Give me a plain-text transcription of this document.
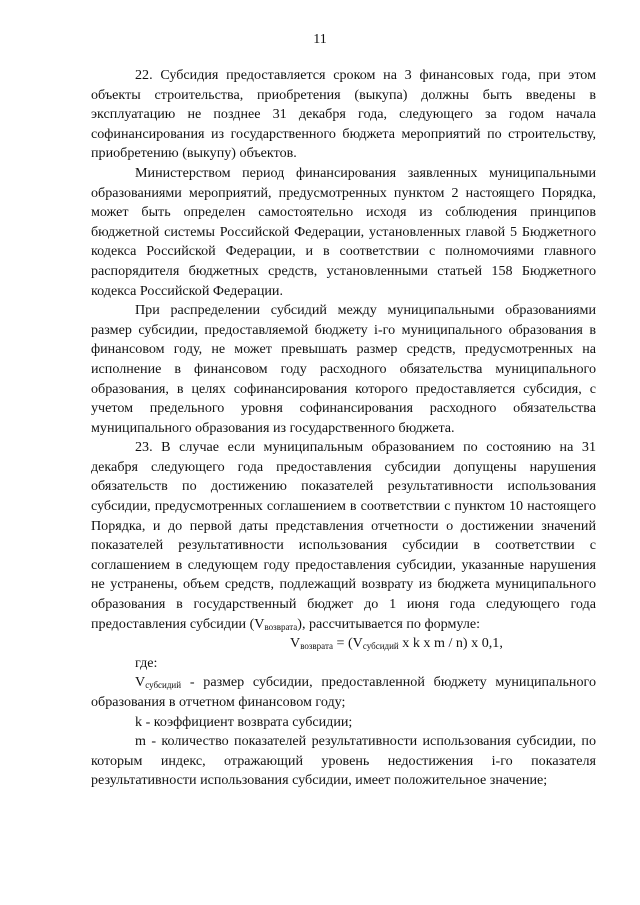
11

22. Субсидия предоставляется сроком на 3 финансовых года, при этом объекты строительства, приобретения (выкупа) должны быть введены в эксплуатацию не позднее 31 декабря года, следующего за годом начала софинансирования из государственного бюджета мероприятий по строительству, приобретению (выкупу) объектов.

Министерством период финансирования заявленных муниципальными образованиями мероприятий, предусмотренных пунктом 2 настоящего Порядка, может быть определен самостоятельно исходя из соблюдения принципов бюджетной системы Российской Федерации, установленных главой 5 Бюджетного кодекса Российской Федерации, и в соответствии с полномочиями главного распорядителя бюджетных средств, установленными статьей 158 Бюджетного кодекса Российской Федерации.

При распределении субсидий между муниципальными образованиями размер субсидии, предоставляемой бюджету i-го муниципального образования в финансовом году, не может превышать размер средств, предусмотренных на исполнение в финансовом году расходного обязательства муниципального образования, в целях софинансирования которого предоставляется субсидия, с учетом предельного уровня софинансирования расходного обязательства муниципального образования из государственного бюджета.

23. В случае если муниципальным образованием по состоянию на 31 декабря следующего года предоставления субсидии допущены нарушения обязательств по достижению показателей результативности использования субсидии, предусмотренных соглашением в соответствии с пунктом 10 настоящего Порядка, и до первой даты представления отчетности о достижении значений показателей результативности использования субсидии в соответствии с соглашением в следующем году предоставления субсидии, указанные нарушения не устранены, объем средств, подлежащий возврату из бюджета муниципального образования в государственный бюджет до 1 июня года следующего года предоставления субсидии $(V_{возврата})$, рассчитывается по формуле:

$V_{возврата} = (V_{субсидий}$ x k x m / n) x 0,1,

где:

$V_{субсидий}$ - размер субсидии, предоставленной бюджету муниципального образования в отчетном финансовом году;

k - коэффициент возврата субсидии;

m - количество показателей результативности использования субсидии, по которым индекс, отражающий уровень недостижения i-го показателя результативности использования субсидии, имеет положительное значение;
